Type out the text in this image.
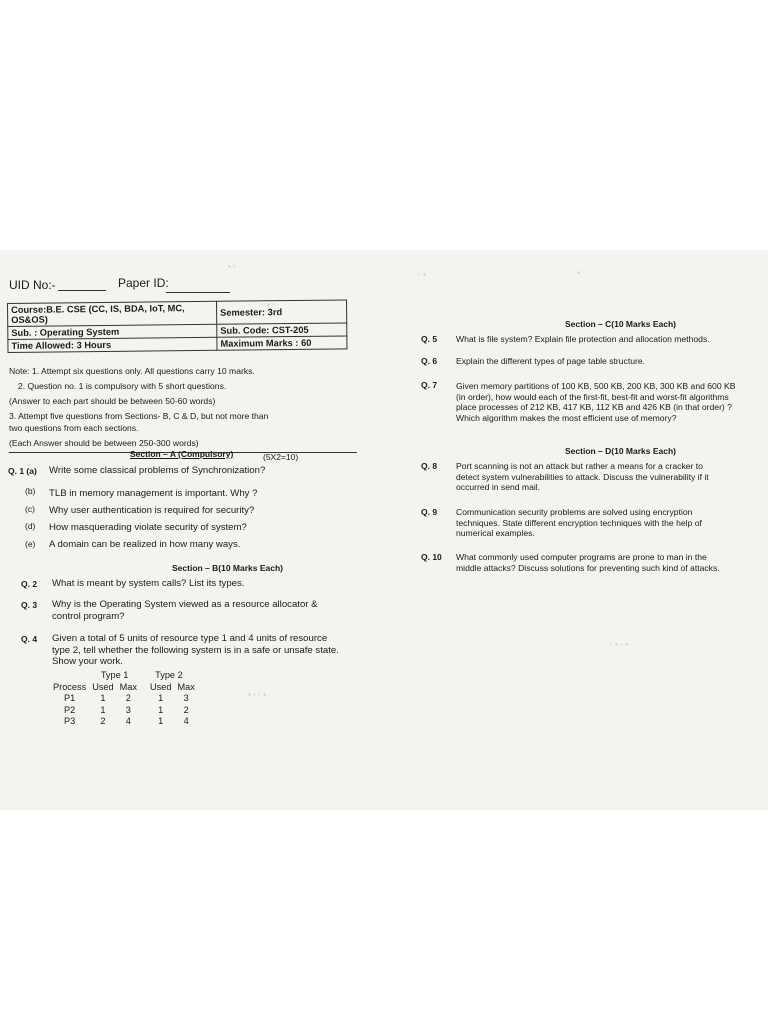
▪ ▫
▫ ▪ ▫
▫ ▪	▪
▫ ▪ ▫ ▪
▪ ▫ ▫ ▪
UID No:-	Paper ID:
Course:B.E. CSE (CC, IS, BDA, IoT, MC, OS&OS)	Semester: 3rd
Sub. : Operating System	Sub. Code: CST-205
Time Allowed: 3 Hours	Maximum Marks : 60
Note: 1. Attempt six questions only. All questions carry 10 marks.
2. Question no. 1 is compulsory with 5 short questions.
(Answer to each part should be between 50-60 words)
3. Attempt five questions from Sections- B, C & D, but not more than
two questions from each sections.
(Each Answer should be between 250-300 words)
Section – A (Compulsory)	(5X2=10)
Q. 1 (a) Write some classical problems of Synchronization?
(b) TLB in memory management is important. Why ?
(c) Why user authentication is required for security?
(d) How masquerading violate security of system?
(e) A domain can be realized in how many ways.
Section – B(10 Marks Each)
Q. 2 What is meant by system calls? List its types.
Q. 3 Why is the Operating System viewed as a resource allocator & control program?
Q. 4 Given a total of 5 units of resource type 1 and 4 units of resource type 2, tell whether the following system is in a safe or unsafe state. Show your work.
	Type 1		Type 2	
Process	Used	Max	Used	Max
P1	1	2	1	3
P2	1	3	1	2
P3	2	4	1	4
Section – C(10 Marks Each)
Q. 5 What is file system? Explain file protection and allocation methods.
Q. 6 Explain the different types of page table structure.
Q. 7 Given memory partitions of 100 KB, 500 KB, 200 KB, 300 KB and 600 KB (in order), how would each of the first-fit, best-fit and worst-fit algorithms place processes of 212 KB, 417 KB, 112 KB and 426 KB (in that order) ? Which algorithm makes the most efficient use of memory?
Section – D(10 Marks Each)
Q. 8 Port scanning is not an attack but rather a means for a cracker to detect system vulnerabilities to attack. Discuss the vulnerability if it occurred in send mail.
Q. 9 Communication security problems are solved using encryption techniques. State different encryption techniques with the help of numerical examples.
Q. 10 What commonly used computer programs are prone to man in the middle attacks? Discuss solutions for preventing such kind of attacks.
